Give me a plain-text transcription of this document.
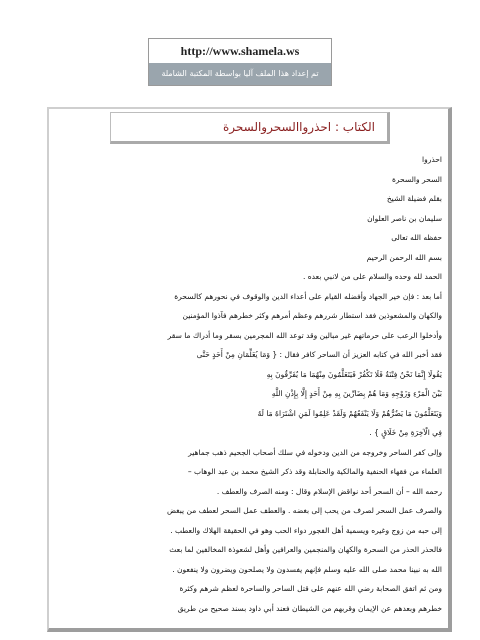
http://www.shamela.ws
تم إعداد هذا الملف آليا بواسطة المكتبة الشاملة
الكتاب : احذرواالسحروالسحرة

احذروا

السحر والسحرة

بقلم فضيلة الشيخ

سليمان بن ناصر العلوان

حفظه الله تعالى

بسم الله الرحمن الرحيم

الحمد لله وحده والسلام على من لانبي بعده .

أما بعد : فإن خير الجهاد وأفضله القيام على أعداء الدين والوقوف في نحورهم كالسحرة

والكهان والمشعوذين فقد استطار شررهم وعظم أمرهم وكثر خطرهم فآذوا المؤمنين

وأدخلوا الرعب على حرماتهم غير مبالين وقد توعد الله المجرمين بسقر وما أدراك ما سقر

فقد أخبر الله في كتابه العزيز أن الساحر كافر فقال : { وَمَا يُعَلِّمَانِ مِنْ أَحَدٍ حَتَّى

يَقُولَا إِنَّمَا نَحْنُ فِتْنَةٌ فَلَا تَكْفُرْ فَيَتَعَلَّمُونَ مِنْهُمَا مَا يُفَرِّقُونَ بِهِ

بَيْنَ الْمَرْءِ وَزَوْجِهِ وَمَا هُمْ بِضَارِّينَ بِهِ مِنْ أَحَدٍ إِلَّا بِإِذْنِ اللَّهِ

وَيَتَعَلَّمُونَ مَا يَضُرُّهُمْ وَلَا يَنْفَعُهُمْ وَلَقَدْ عَلِمُوا لَمَنِ اشْتَرَاهُ مَا لَهُ

فِي الْآخِرَةِ مِنْ خَلَاقٍ } .

وإلى كفر الساحر وخروجه من الدين ودخوله في سلك أصحاب الجحيم ذهب جماهير

العلماء من فقهاء الحنفية والمالكية والحنابلة وقد ذكر الشيخ محمد بن عبد الوهاب –

رحمه الله – أن السحر أحد نواقض الإسلام وقال : ومنه الصرف والعطف .

والصرف عمل السحر لصرف من يحب إلى بغضه . والعطف عمل السحر لعطف من يبغض

إلى حبه من زوج وغيره ويسمية أهل الفجور دواء الحب وهو في الحقيقة الهلاك والعطب .

فالحذر الحذر من السحرة والكهان والمنجمين والعرافين وأهل لشعوذة المخالفين لما بعث

الله به نبينا محمد صلى الله عليه وسلم فإنهم يفسدون ولا يصلحون ويضرون ولا ينفعون .

ومن ثم اتفق الصحابة رضي الله عنهم على قتل الساحر والساحرة لعظم شرهم وكثرة

خطرهم وبعدهم عن الإيمان وقربهم من الشيطان فعند أبي داود بسند صحيح من طريق
